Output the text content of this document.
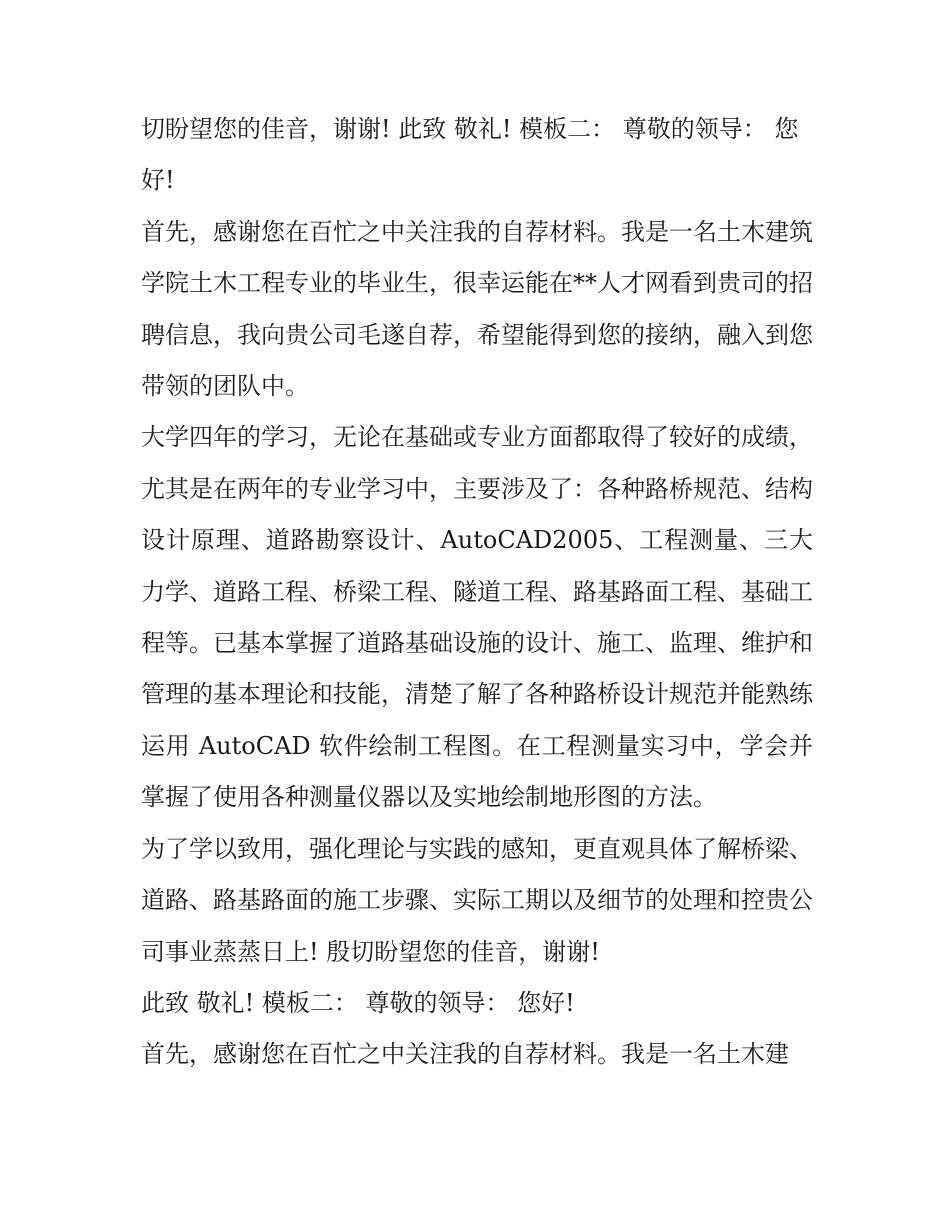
切盼望您的佳音，谢谢! 此致 敬礼! 模板二： 尊敬的领导： 您好!

首先，感谢您在百忙之中关注我的自荐材料。我是一名土木建筑学院土木工程专业的毕业生，很幸运能在**人才网看到贵司的招聘信息，我向贵公司毛遂自荐，希望能得到您的接纳，融入到您带领的团队中。

大学四年的学习，无论在基础或专业方面都取得了较好的成绩，尤其是在两年的专业学习中，主要涉及了：各种路桥规范、结构设计原理、道路勘察设计、AutoCAD2005、工程测量、三大力学、道路工程、桥梁工程、隧道工程、路基路面工程、基础工程等。已基本掌握了道路基础设施的设计、施工、监理、维护和管理的基本理论和技能，清楚了解了各种路桥设计规范并能熟练运用 AutoCAD 软件绘制工程图。在工程测量实习中，学会并掌握了使用各种测量仪器以及实地绘制地形图的方法。

为了学以致用，强化理论与实践的感知，更直观具体了解桥梁、道路、路基路面的施工步骤、实际工期以及细节的处理和控贵公司事业蒸蒸日上! 殷切盼望您的佳音，谢谢!

此致 敬礼! 模板二： 尊敬的领导： 您好!

首先，感谢您在百忙之中关注我的自荐材料。我是一名土木建
